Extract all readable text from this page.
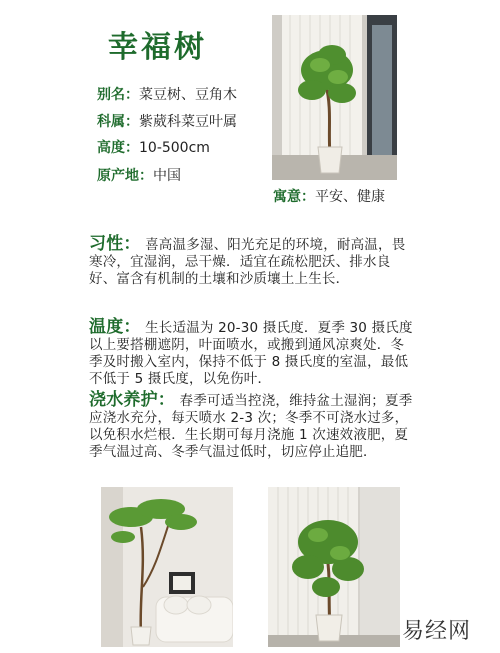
幸福树
别名：菜豆树、豆角木
科属：紫葳科菜豆叶属
高度：10-500cm
原产地：中国
寓意：平安、健康
习性： 喜高温多湿、阳光充足的环境，耐高温，畏寒冷，宜湿润，忌干燥．适宜在疏松肥沃、排水良好、富含有机制的土壤和沙质壤土上生长．
温度： 生长适温为 20-30 摄氏度．夏季 30 摄氏度以上要搭棚遮阴，叶面喷水，或搬到通风凉爽处．冬季及时搬入室内，保持不低于 8 摄氏度的室温，最低不低于 5 摄氏度，以免伤叶．
浇水养护： 春季可适当控浇，维持盆土湿润；夏季应浇水充分，每天喷水 2-3 次；冬季不可浇水过多，以免积水烂根．生长期可每月浇施 1 次速效液肥，夏季气温过高、冬季气温过低时，切应停止追肥．
易经网
